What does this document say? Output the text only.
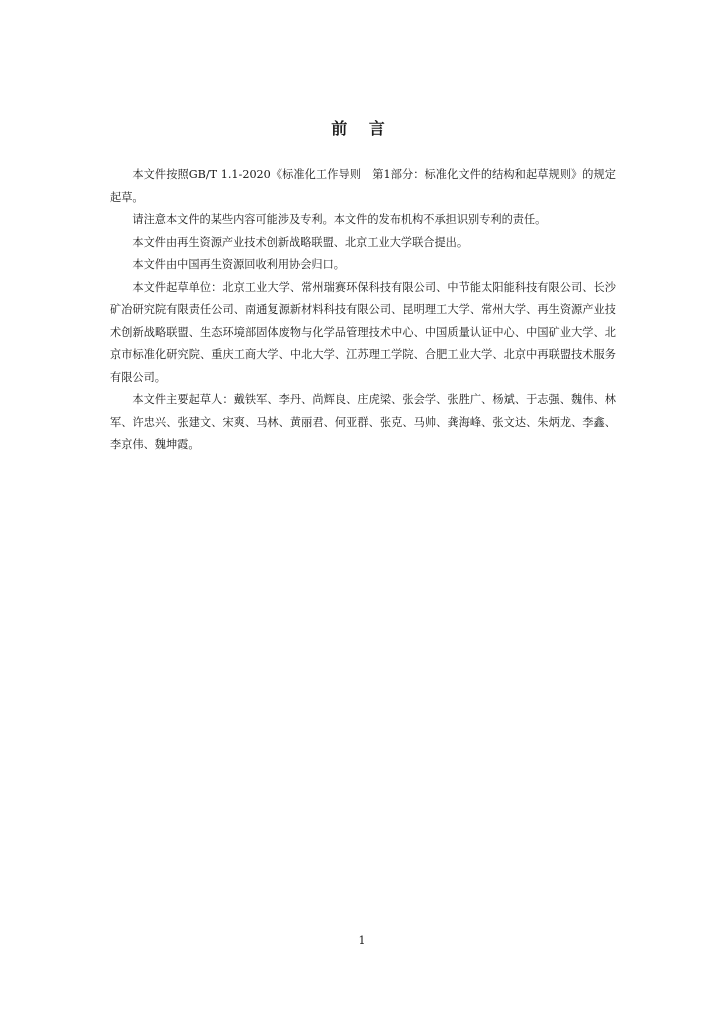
前 言

本文件按照GB/T 1.1-2020《标准化工作导则　第1部分：标准化文件的结构和起草规则》的规定起草。

请注意本文件的某些内容可能涉及专利。本文件的发布机构不承担识别专利的责任。

本文件由再生资源产业技术创新战略联盟、北京工业大学联合提出。

本文件由中国再生资源回收利用协会归口。

本文件起草单位：北京工业大学、常州瑞赛环保科技有限公司、中节能太阳能科技有限公司、长沙矿冶研究院有限责任公司、南通复源新材料科技有限公司、昆明理工大学、常州大学、再生资源产业技术创新战略联盟、生态环境部固体废物与化学品管理技术中心、中国质量认证中心、中国矿业大学、北京市标准化研究院、重庆工商大学、中北大学、江苏理工学院、合肥工业大学、北京中再联盟技术服务有限公司。

本文件主要起草人：戴铁军、李丹、尚辉良、庄虎梁、张会学、张胜广、杨斌、于志强、魏伟、林军、许忠兴、张建文、宋爽、马林、黄丽君、何亚群、张克、马帅、龚海峰、张文达、朱炳龙、李鑫、李京伟、魏坤霞。

1
